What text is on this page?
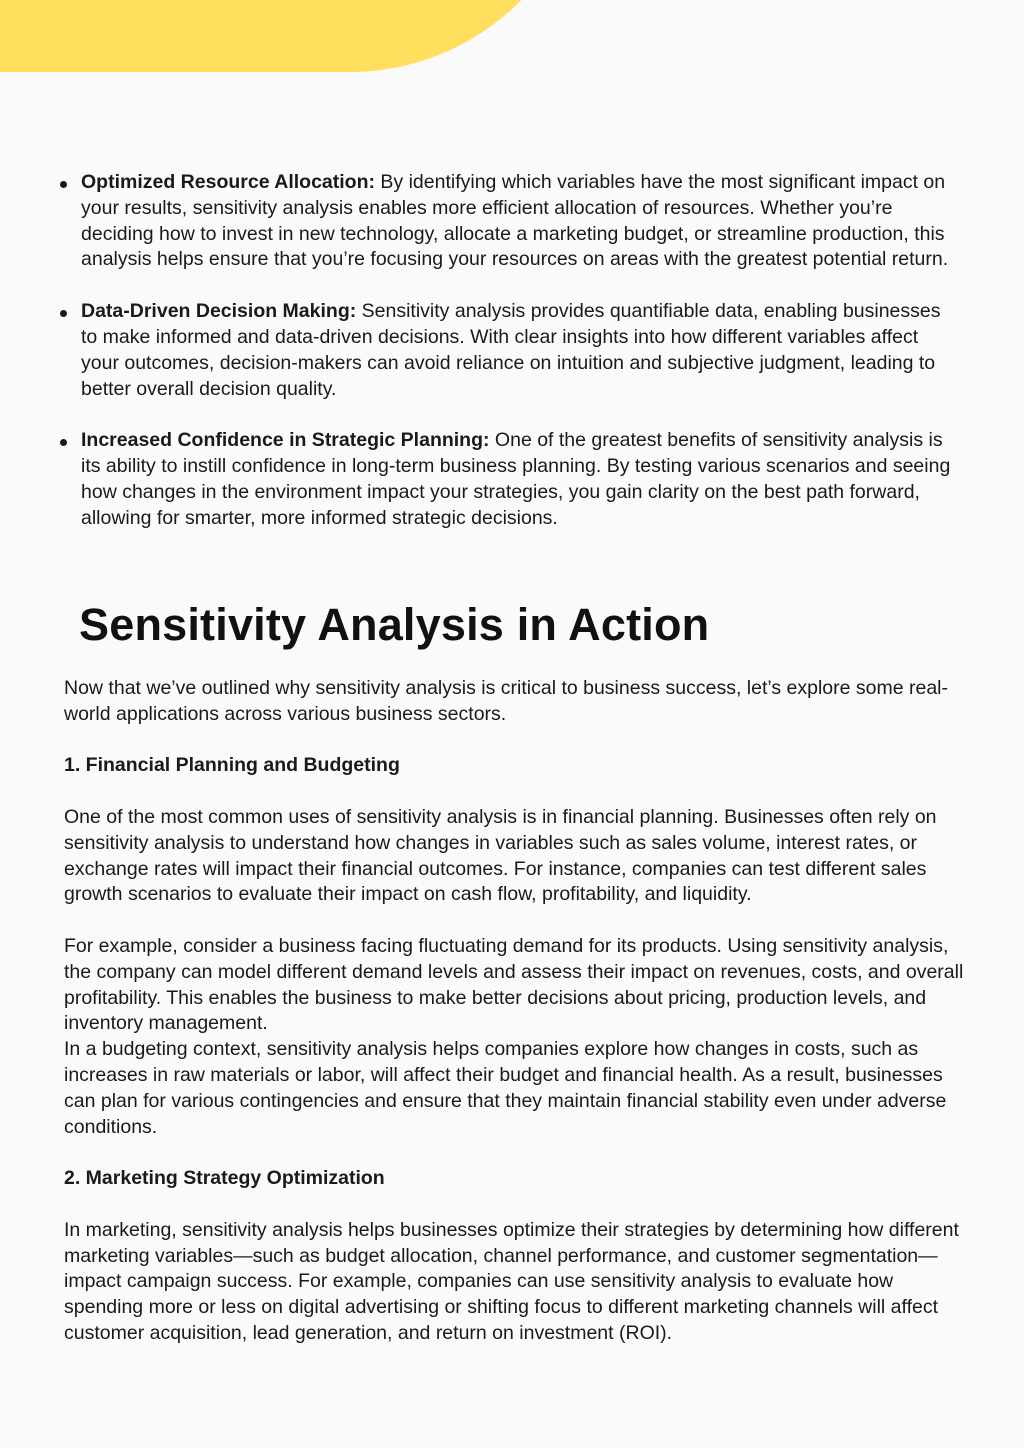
Optimized Resource Allocation: By identifying which variables have the most significant impact on your results, sensitivity analysis enables more efficient allocation of resources. Whether you’re deciding how to invest in new technology, allocate a marketing budget, or streamline production, this analysis helps ensure that you’re focusing your resources on areas with the greatest potential return.
Data-Driven Decision Making: Sensitivity analysis provides quantifiable data, enabling businesses to make informed and data-driven decisions. With clear insights into how different variables affect your outcomes, decision-makers can avoid reliance on intuition and subjective judgment, leading to better overall decision quality.
Increased Confidence in Strategic Planning: One of the greatest benefits of sensitivity analysis is its ability to instill confidence in long-term business planning. By testing various scenarios and seeing how changes in the environment impact your strategies, you gain clarity on the best path forward, allowing for smarter, more informed strategic decisions.
Sensitivity Analysis in Action

Now that we’ve outlined why sensitivity analysis is critical to business success, let’s explore some real-world applications across various business sectors.

1. Financial Planning and Budgeting

One of the most common uses of sensitivity analysis is in financial planning. Businesses often rely on sensitivity analysis to understand how changes in variables such as sales volume, interest rates, or exchange rates will impact their financial outcomes. For instance, companies can test different sales growth scenarios to evaluate their impact on cash flow, profitability, and liquidity.

For example, consider a business facing fluctuating demand for its products. Using sensitivity analysis, the company can model different demand levels and assess their impact on revenues, costs, and overall profitability. This enables the business to make better decisions about pricing, production levels, and inventory management.

In a budgeting context, sensitivity analysis helps companies explore how changes in costs, such as increases in raw materials or labor, will affect their budget and financial health. As a result, businesses can plan for various contingencies and ensure that they maintain financial stability even under adverse conditions.

2. Marketing Strategy Optimization

In marketing, sensitivity analysis helps businesses optimize their strategies by determining how different marketing variables—such as budget allocation, channel performance, and customer segmentation—impact campaign success. For example, companies can use sensitivity analysis to evaluate how spending more or less on digital advertising or shifting focus to different marketing channels will affect customer acquisition, lead generation, and return on investment (ROI).
